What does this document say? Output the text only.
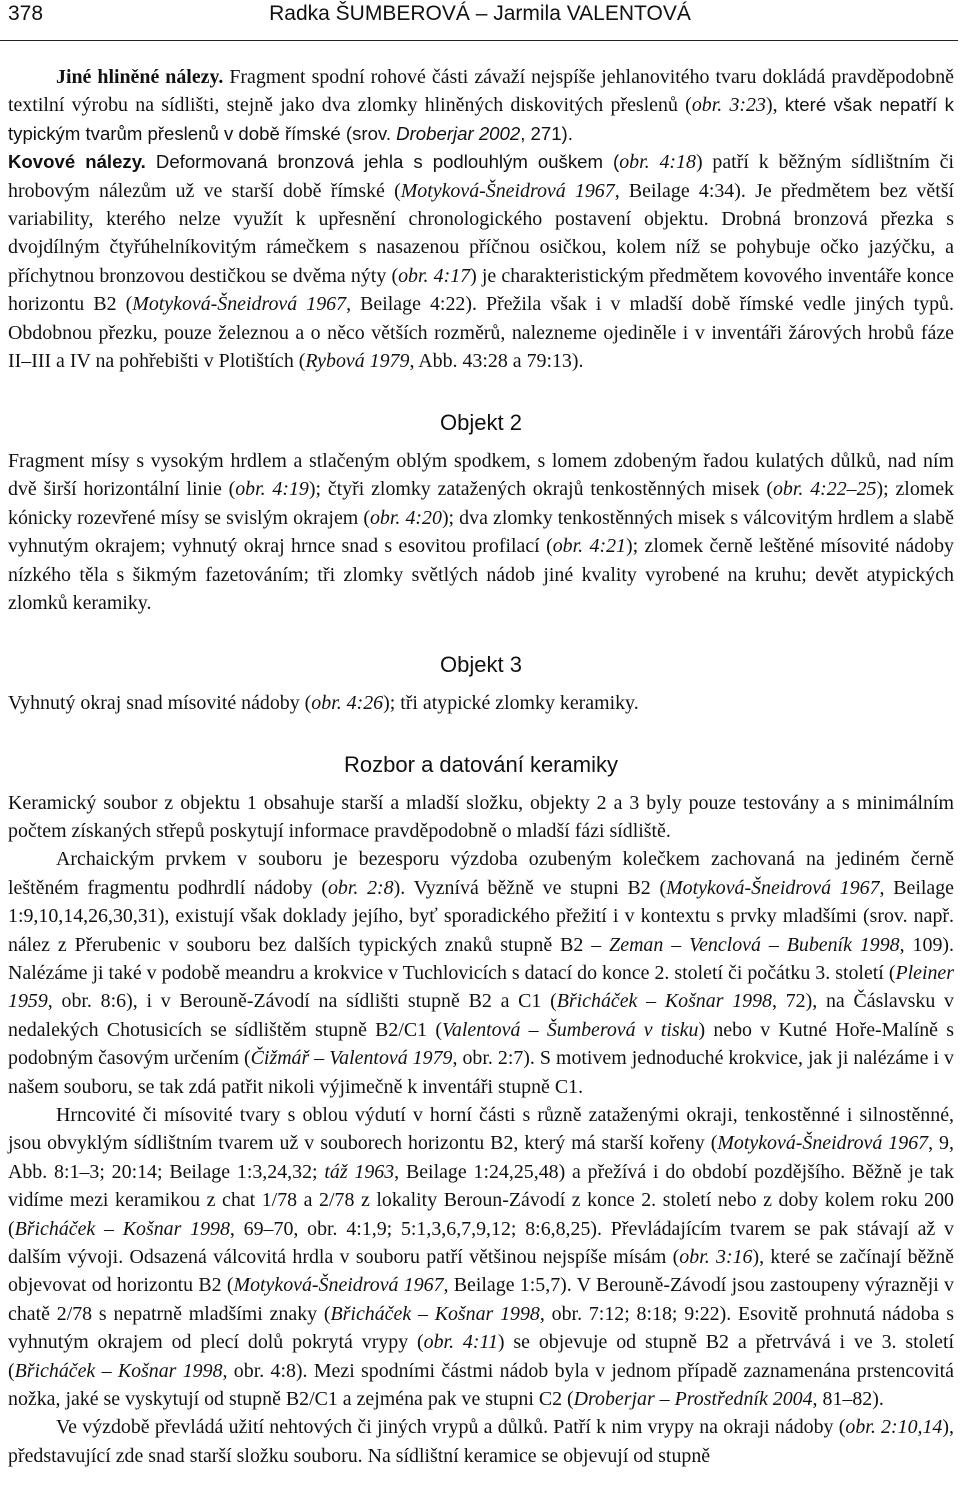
378	Radka ŠUMBEROVÁ – Jarmila VALENTOVÁ

Jiné hliněné nálezy. Fragment spodní rohové části závaží nejspíše jehlanovitého tvaru dokládá pravděpodobně textilní výrobu na sídlišti, stejně jako dva zlomky hliněných diskovitých přeslenů (obr. 3:23), které však nepatří k typickým tvarům přeslenů v době římské (srov. Droberjar 2002, 271).

Kovové nálezy. Deformovaná bronzová jehla s podlouhlým ouškem (obr. 4:18) patří k běžným sídlištním či hrobovým nálezům už ve starší době římské (Motyková-Šneidrová 1967, Beilage 4:34). Je předmětem bez větší variability, kterého nelze využít k upřesnění chronologického postavení objektu. Drobná bronzová přezka s dvojdílným čtyřúhelníkovitým rámečkem s nasazenou příčnou osičkou, kolem níž se pohybuje očko jazýčku, a příchytnou bronzovou destičkou se dvěma nýty (obr. 4:17) je charakteristickým předmětem kovového inventáře konce horizontu B2 (Motyková-Šneidrová 1967, Beilage 4:22). Přežila však i v mladší době římské vedle jiných typů. Obdobnou přezku, pouze železnou a o něco větších rozměrů, nalezneme ojediněle i v inventáři žárových hrobů fáze II–III a IV na pohřebišti v Plotištích (Rybová 1979, Abb. 43:28 a 79:13).

Objekt 2

Fragment mísy s vysokým hrdlem a stlačeným oblým spodkem, s lomem zdobeným řadou kulatých důlků, nad ním dvě širší horizontální linie (obr. 4:19); čtyři zlomky zatažených okrajů tenkostěnných misek (obr. 4:22–25); zlomek kónicky rozevřené mísy se svislým okrajem (obr. 4:20); dva zlomky tenkostěnných misek s válcovitým hrdlem a slabě vyhnutým okrajem; vyhnutý okraj hrnce snad s esovitou profilací (obr. 4:21); zlomek černě leštěné mísovité nádoby nízkého těla s šikmým fazetováním; tři zlomky světlých nádob jiné kvality vyrobené na kruhu; devět atypických zlomků keramiky.

Objekt 3

Vyhnutý okraj snad mísovité nádoby (obr. 4:26); tři atypické zlomky keramiky.

Rozbor a datování keramiky

Keramický soubor z objektu 1 obsahuje starší a mladší složku, objekty 2 a 3 byly pouze testovány a s minimálním počtem získaných střepů poskytují informace pravděpodobně o mladší fázi sídliště.

Archaickým prvkem v souboru je bezesporu výzdoba ozubeným kolečkem zachovaná na jediném černě leštěném fragmentu podhrdlí nádoby (obr. 2:8). Vyznívá běžně ve stupni B2 (Motyková-Šneidrová 1967, Beilage 1:9,10,14,26,30,31), existují však doklady jejího, byť sporadického přežití i v kontextu s prvky mladšími (srov. např. nález z Přerubenic v souboru bez dalších typických znaků stupně B2 – Zeman – Venclová – Bubeník 1998, 109). Nalézáme ji také v podobě meandru a krokvice v Tuchlovicích s datací do konce 2. století či počátku 3. století (Pleiner 1959, obr. 8:6), i v Berouně-Závodí na sídlišti stupně B2 a C1 (Břicháček – Košnar 1998, 72), na Čáslavsku v nedalekých Chotusicích se sídlištěm stupně B2/C1 (Valentová – Šumberová v tisku) nebo v Kutné Hoře-Malíně s podobným časovým určením (Čižmář – Valentová 1979, obr. 2:7). S motivem jednoduché krokvice, jak ji nalézáme i v našem souboru, se tak zdá patřit nikoli výjimečně k inventáři stupně C1.

Hrncovité či mísovité tvary s oblou výdutí v horní části s různě zataženými okraji, tenkostěnné i silnostěnné, jsou obvyklým sídlištním tvarem už v souborech horizontu B2, který má starší kořeny (Motyková-Šneidrová 1967, 9, Abb. 8:1–3; 20:14; Beilage 1:3,24,32; táž 1963, Beilage 1:24,25,48) a přežívá i do období pozdějšího. Běžně je tak vidíme mezi keramikou z chat 1/78 a 2/78 z lokality Beroun-Závodí z konce 2. století nebo z doby kolem roku 200 (Břicháček – Košnar 1998, 69–70, obr. 4:1,9; 5:1,3,6,7,9,12; 8:6,8,25). Převládajícím tvarem se pak stávají až v dalším vývoji. Odsazená válcovitá hrdla v souboru patří většinou nejspíše mísám (obr. 3:16), které se začínají běžně objevovat od horizontu B2 (Motyková-Šneidrová 1967, Beilage 1:5,7). V Berouně-Závodí jsou zastoupeny výrazněji v chatě 2/78 s nepatrně mladšími znaky (Břicháček – Košnar 1998, obr. 7:12; 8:18; 9:22). Esovitě prohnutá nádoba s vyhnutým okrajem od plecí dolů pokrytá vrypy (obr. 4:11) se objevuje od stupně B2 a přetrvává i ve 3. století (Břicháček – Košnar 1998, obr. 4:8). Mezi spodními částmi nádob byla v jednom případě zaznamenána prstencovitá nožka, jaké se vyskytují od stupně B2/C1 a zejména pak ve stupni C2 (Droberjar – Prostředník 2004, 81–82).

Ve výzdobě převládá užití nehtových či jiných vrypů a důlků. Patří k nim vrypy na okraji nádoby (obr. 2:10,14), představující zde snad starší složku souboru. Na sídlištní keramice se objevují od stupně
